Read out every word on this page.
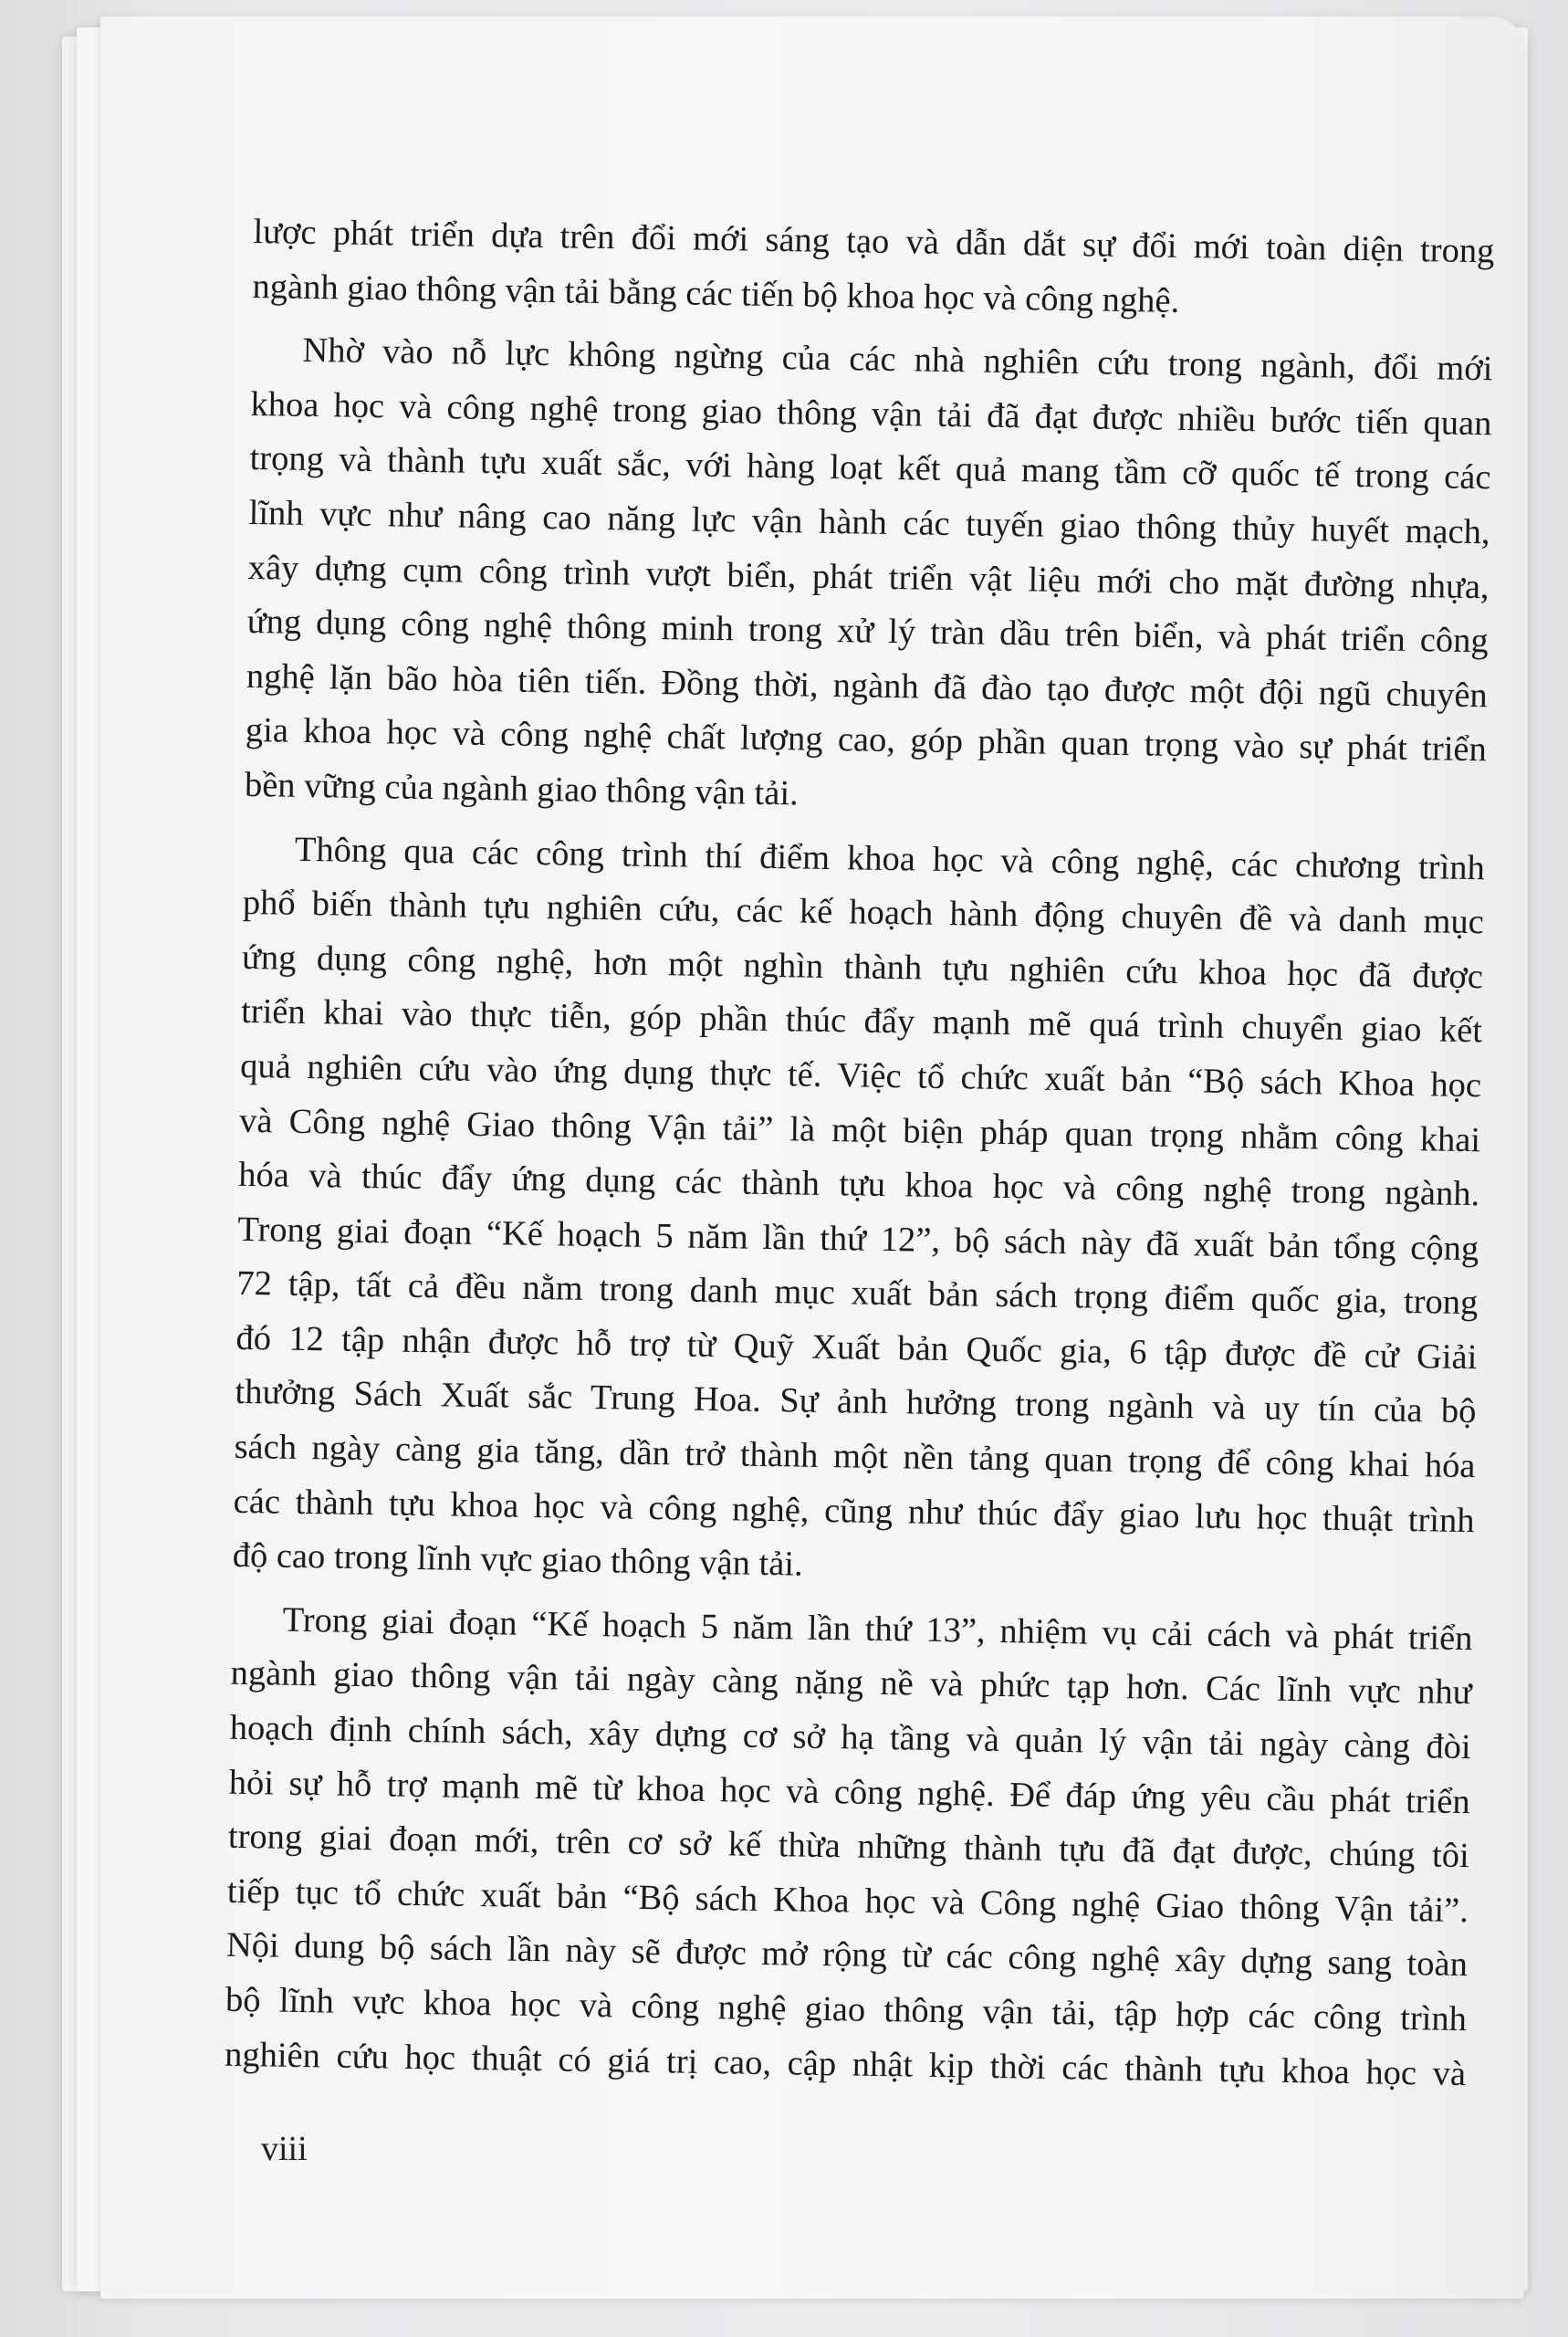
lược phát triển dựa trên đổi mới sáng tạo và dẫn dắt sự đổi mới toàn diện trong
ngành giao thông vận tải bằng các tiến bộ khoa học và công nghệ.

Nhờ vào nỗ lực không ngừng của các nhà nghiên cứu trong ngành, đổi mới
khoa học và công nghệ trong giao thông vận tải đã đạt được nhiều bước tiến quan
trọng và thành tựu xuất sắc, với hàng loạt kết quả mang tầm cỡ quốc tế trong các
lĩnh vực như nâng cao năng lực vận hành các tuyến giao thông thủy huyết mạch,
xây dựng cụm công trình vượt biển, phát triển vật liệu mới cho mặt đường nhựa,
ứng dụng công nghệ thông minh trong xử lý tràn dầu trên biển, và phát triển công
nghệ lặn bão hòa tiên tiến. Đồng thời, ngành đã đào tạo được một đội ngũ chuyên
gia khoa học và công nghệ chất lượng cao, góp phần quan trọng vào sự phát triển
bền vững của ngành giao thông vận tải.

Thông qua các công trình thí điểm khoa học và công nghệ, các chương trình
phổ biến thành tựu nghiên cứu, các kế hoạch hành động chuyên đề và danh mục
ứng dụng công nghệ, hơn một nghìn thành tựu nghiên cứu khoa học đã được
triển khai vào thực tiễn, góp phần thúc đẩy mạnh mẽ quá trình chuyển giao kết
quả nghiên cứu vào ứng dụng thực tế. Việc tổ chức xuất bản “Bộ sách Khoa học
và Công nghệ Giao thông Vận tải” là một biện pháp quan trọng nhằm công khai
hóa và thúc đẩy ứng dụng các thành tựu khoa học và công nghệ trong ngành.
Trong giai đoạn “Kế hoạch 5 năm lần thứ 12”, bộ sách này đã xuất bản tổng cộng
72 tập, tất cả đều nằm trong danh mục xuất bản sách trọng điểm quốc gia, trong
đó 12 tập nhận được hỗ trợ từ Quỹ Xuất bản Quốc gia, 6 tập được đề cử Giải
thưởng Sách Xuất sắc Trung Hoa. Sự ảnh hưởng trong ngành và uy tín của bộ
sách ngày càng gia tăng, dần trở thành một nền tảng quan trọng để công khai hóa
các thành tựu khoa học và công nghệ, cũng như thúc đẩy giao lưu học thuật trình
độ cao trong lĩnh vực giao thông vận tải.

Trong giai đoạn “Kế hoạch 5 năm lần thứ 13”, nhiệm vụ cải cách và phát triển
ngành giao thông vận tải ngày càng nặng nề và phức tạp hơn. Các lĩnh vực như
hoạch định chính sách, xây dựng cơ sở hạ tầng và quản lý vận tải ngày càng đòi
hỏi sự hỗ trợ mạnh mẽ từ khoa học và công nghệ. Để đáp ứng yêu cầu phát triển
trong giai đoạn mới, trên cơ sở kế thừa những thành tựu đã đạt được, chúng tôi
tiếp tục tổ chức xuất bản “Bộ sách Khoa học và Công nghệ Giao thông Vận tải”.
Nội dung bộ sách lần này sẽ được mở rộng từ các công nghệ xây dựng sang toàn
bộ lĩnh vực khoa học và công nghệ giao thông vận tải, tập hợp các công trình
nghiên cứu học thuật có giá trị cao, cập nhật kịp thời các thành tựu khoa học và

viii
